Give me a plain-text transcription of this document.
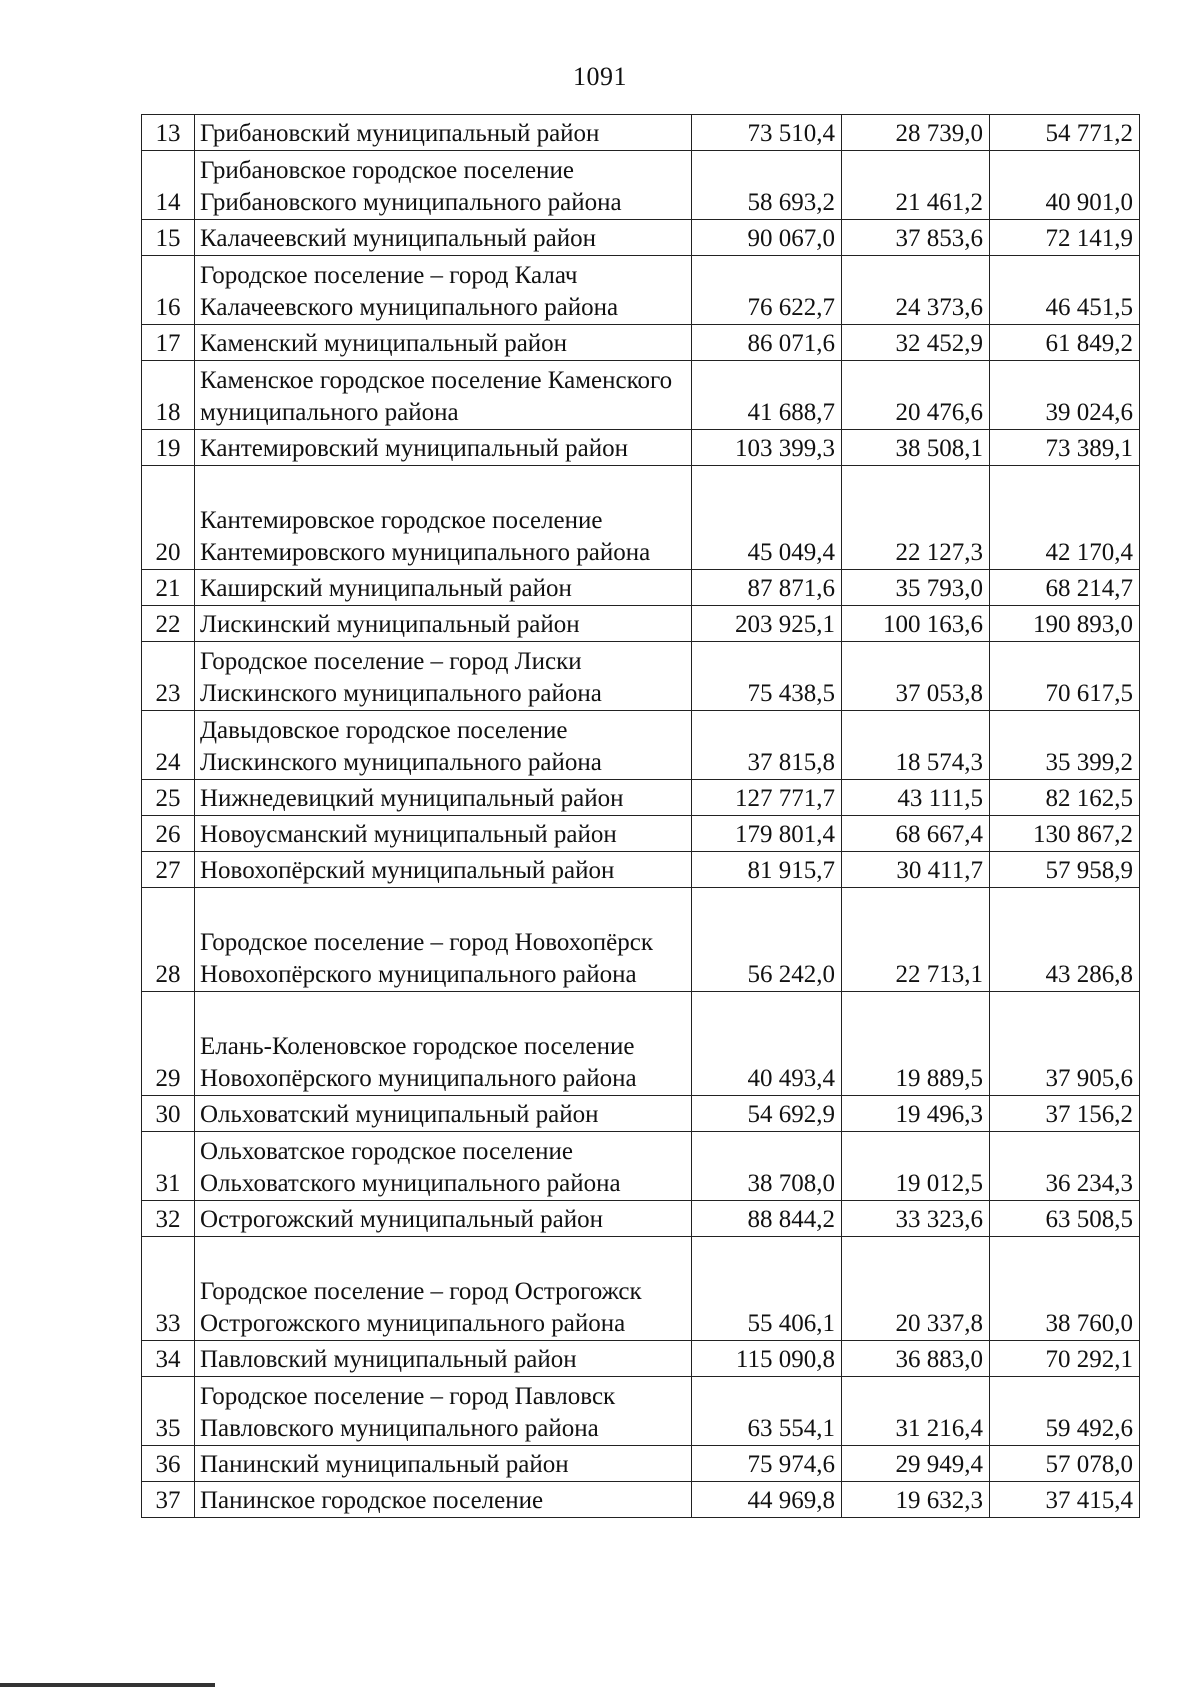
1091
13	Грибановский муниципальный район	73 510,4	28 739,0	54 771,2
14	Грибановское городское поселение Грибановского муниципального района	58 693,2	21 461,2	40 901,0
15	Калачеевский муниципальный район	90 067,0	37 853,6	72 141,9
16	Городское поселение – город Калач Калачеевского муниципального района	76 622,7	24 373,6	46 451,5
17	Каменский муниципальный район	86 071,6	32 452,9	61 849,2
18	Каменское городское поселение Каменского муниципального района	41 688,7	20 476,6	39 024,6
19	Кантемировский муниципальный район	103 399,3	38 508,1	73 389,1
20	Кантемировское городское поселение Кантемировского муниципального района	45 049,4	22 127,3	42 170,4
21	Каширский муниципальный район	87 871,6	35 793,0	68 214,7
22	Лискинский муниципальный район	203 925,1	100 163,6	190 893,0
23	Городское поселение – город Лиски Лискинского муниципального района	75 438,5	37 053,8	70 617,5
24	Давыдовское городское поселение Лискинского муниципального района	37 815,8	18 574,3	35 399,2
25	Нижнедевицкий муниципальный район	127 771,7	43 111,5	82 162,5
26	Новоусманский муниципальный район	179 801,4	68 667,4	130 867,2
27	Новохопёрский муниципальный район	81 915,7	30 411,7	57 958,9
28	Городское поселение – город Новохопёрск Новохопёрского муниципального района	56 242,0	22 713,1	43 286,8
29	Елань-Коленовское городское поселение Новохопёрского муниципального района	40 493,4	19 889,5	37 905,6
30	Ольховатский муниципальный район	54 692,9	19 496,3	37 156,2
31	Ольховатское городское поселение Ольховатского муниципального района	38 708,0	19 012,5	36 234,3
32	Острогожский муниципальный район	88 844,2	33 323,6	63 508,5
33	Городское поселение – город Острогожск Острогожского муниципального района	55 406,1	20 337,8	38 760,0
34	Павловский муниципальный район	115 090,8	36 883,0	70 292,1
35	Городское поселение – город Павловск Павловского муниципального района	63 554,1	31 216,4	59 492,6
36	Панинский муниципальный район	75 974,6	29 949,4	57 078,0
37	Панинское городское поселение	44 969,8	19 632,3	37 415,4
